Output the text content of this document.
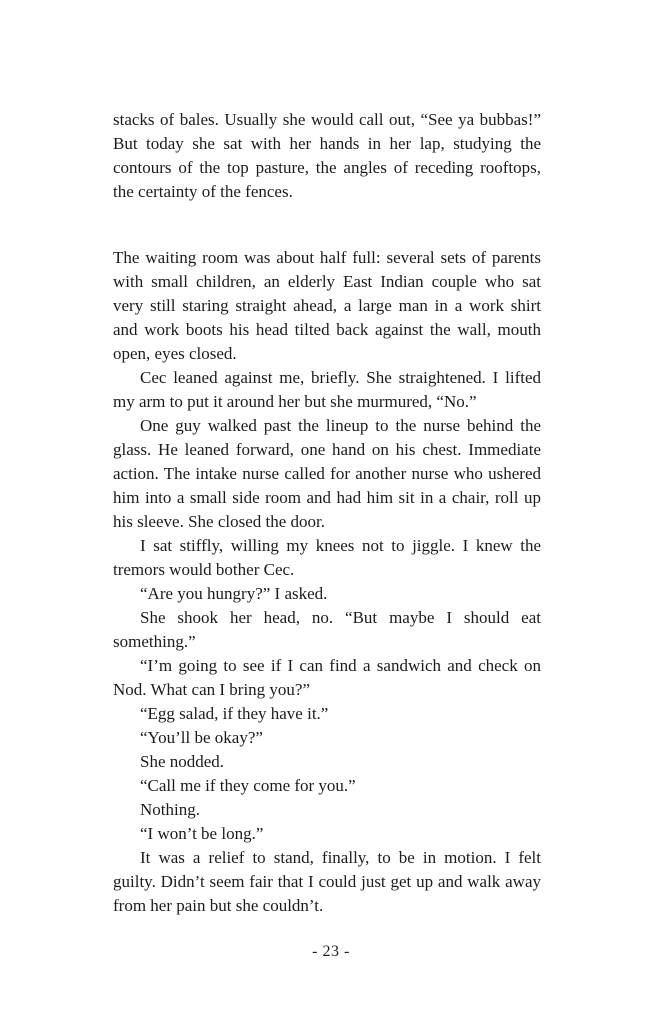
stacks of bales. Usually she would call out, “See ya bubbas!” But today she sat with her hands in her lap, studying the contours of the top pasture, the angles of receding rooftops, the certainty of the fences.

The waiting room was about half full: several sets of parents with small children, an elderly East Indian couple who sat very still staring straight ahead, a large man in a work shirt and work boots his head tilted back against the wall, mouth open, eyes closed.

Cec leaned against me, briefly. She straightened. I lifted my arm to put it around her but she murmured, “No.”

One guy walked past the lineup to the nurse behind the glass. He leaned forward, one hand on his chest. Immediate action. The intake nurse called for another nurse who ushered him into a small side room and had him sit in a chair, roll up his sleeve. She closed the door.

I sat stiffly, willing my knees not to jiggle. I knew the tremors would bother Cec.

“Are you hungry?” I asked.

She shook her head, no. “But maybe I should eat something.”

“I’m going to see if I can find a sandwich and check on Nod. What can I bring you?”

“Egg salad, if they have it.”

“You’ll be okay?”

She nodded.

“Call me if they come for you.”

Nothing.

“I won’t be long.”

It was a relief to stand, finally, to be in motion. I felt guilty. Didn’t seem fair that I could just get up and walk away from her pain but she couldn’t.

- 23 -
